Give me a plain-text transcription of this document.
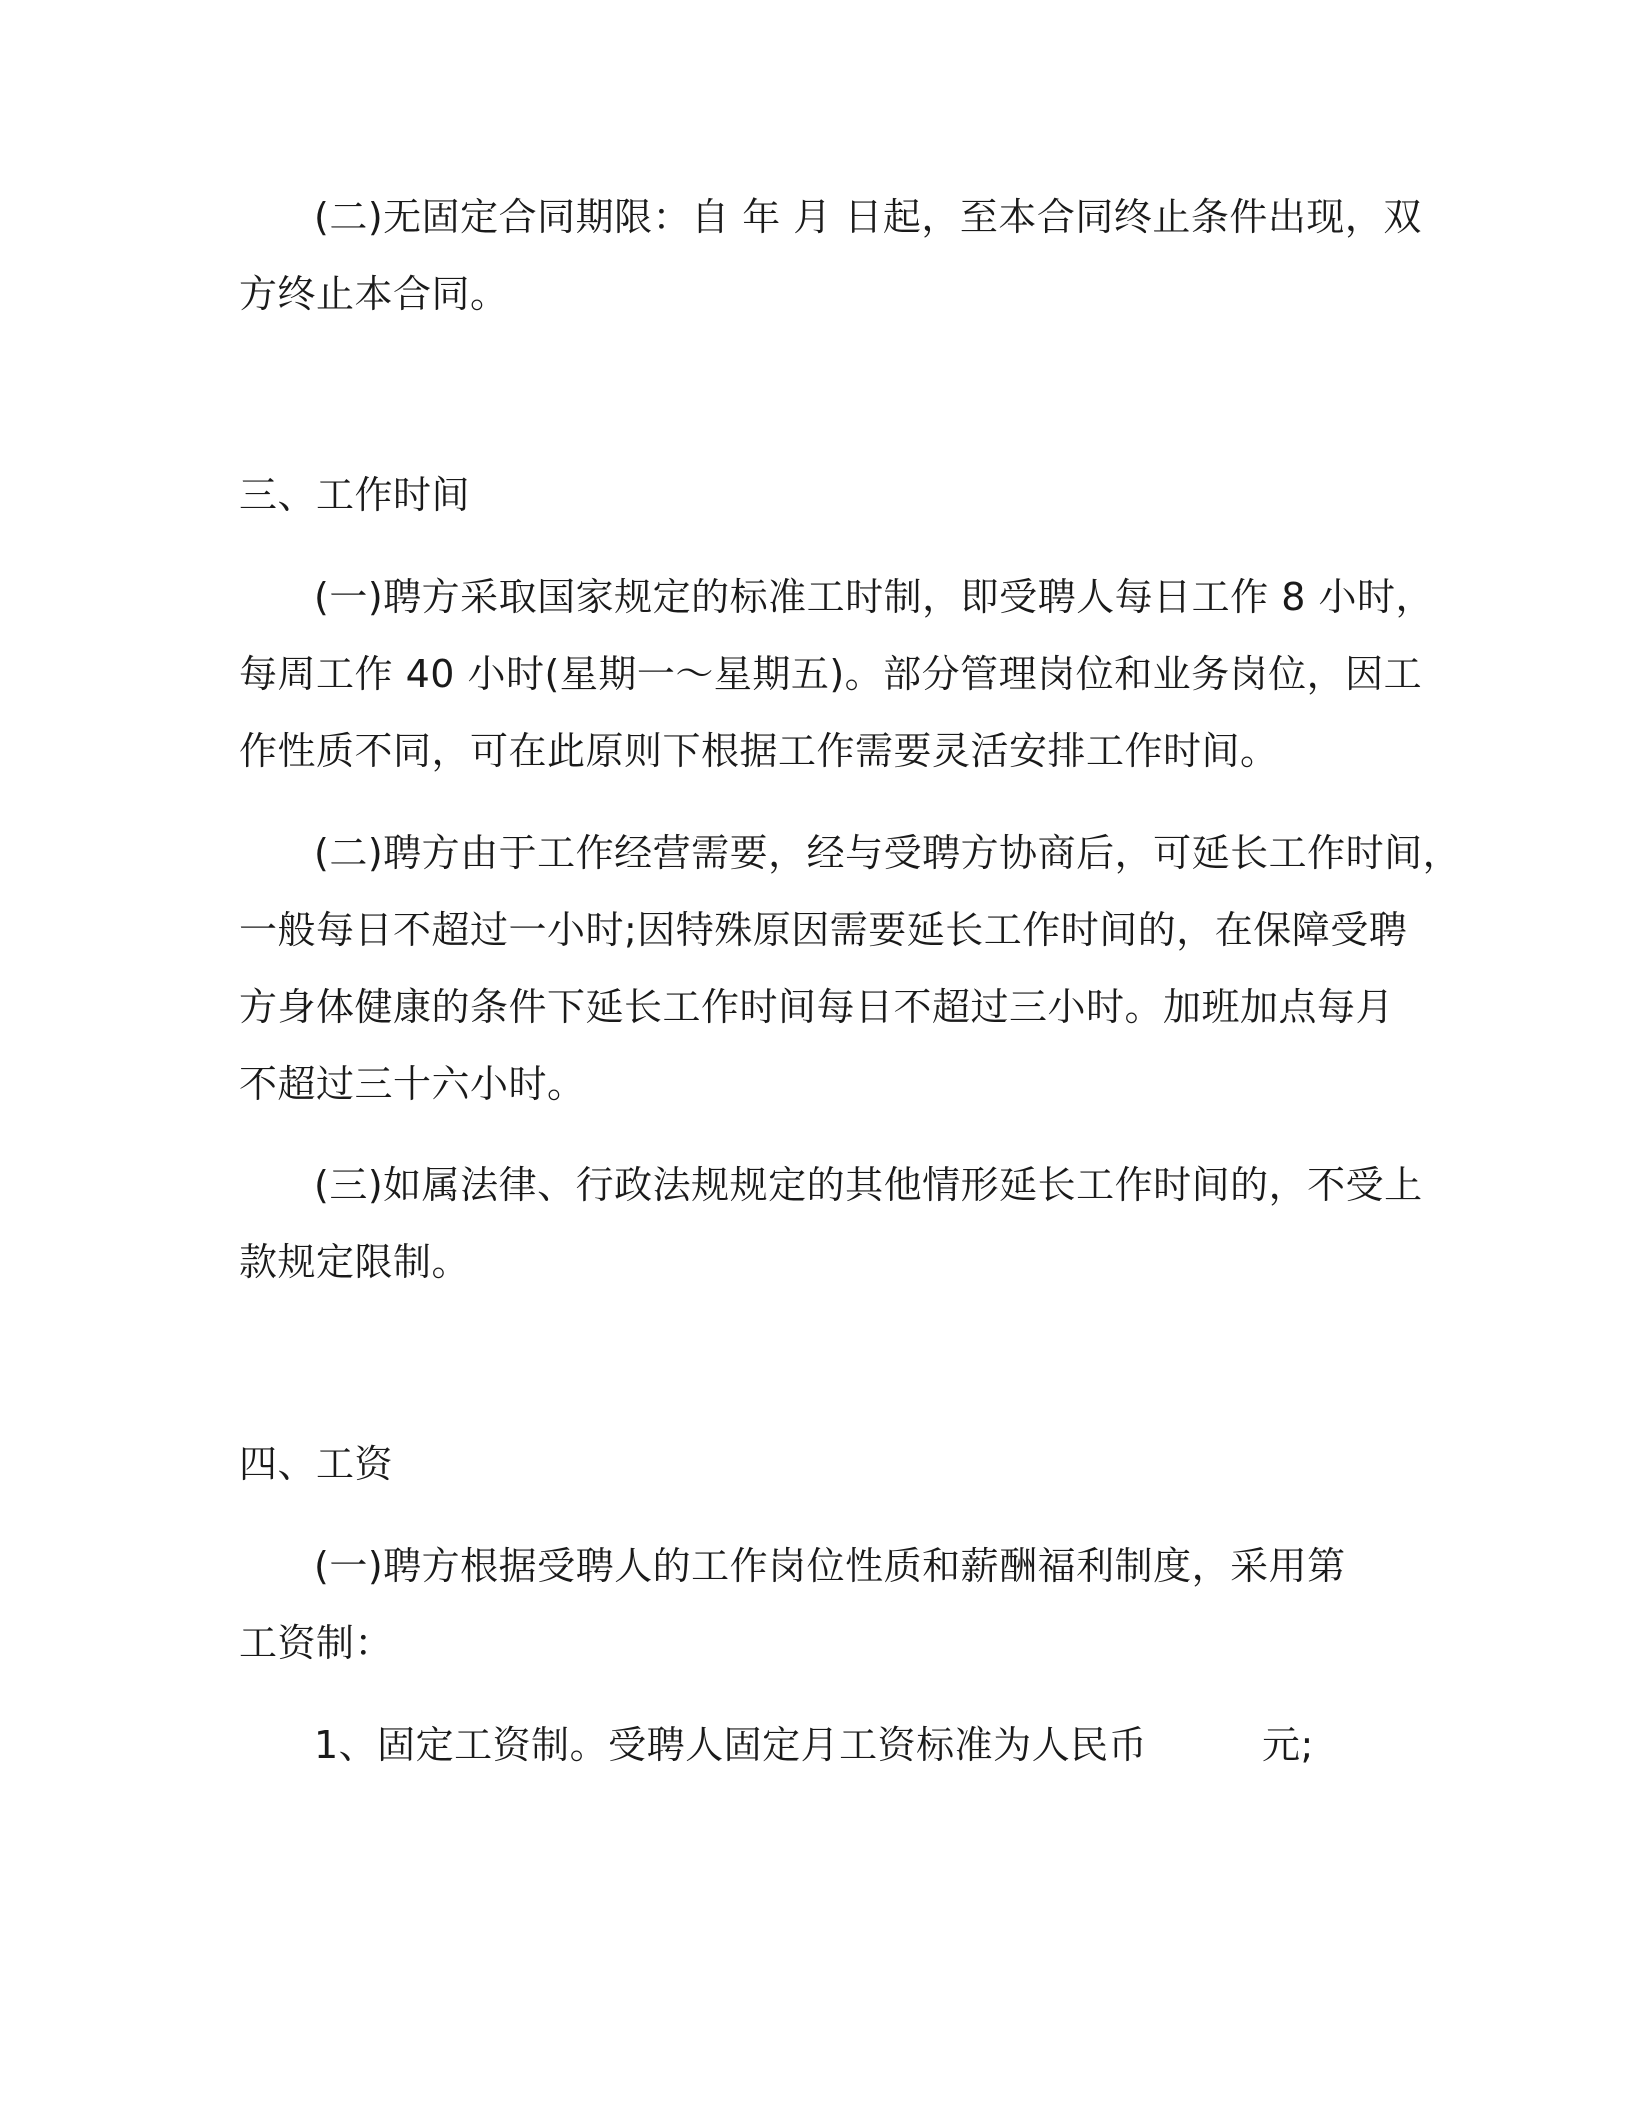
(二)无固定合同期限：自 年 月 日起，至本合同终止条件出现，双
方终止本合同。
三、工作时间
(一)聘方采取国家规定的标准工时制，即受聘人每日工作 8 小时，
每周工作 40 小时(星期一～星期五)。部分管理岗位和业务岗位，因工
作性质不同，可在此原则下根据工作需要灵活安排工作时间。
(二)聘方由于工作经营需要，经与受聘方协商后，可延长工作时间，
一般每日不超过一小时;因特殊原因需要延长工作时间的，在保障受聘
方身体健康的条件下延长工作时间每日不超过三小时。加班加点每月
不超过三十六小时。
(三)如属法律、行政法规规定的其他情形延长工作时间的，不受上
款规定限制。
四、工资
(一)聘方根据受聘人的工作岗位性质和薪酬福利制度，采用第
工资制：
1、固定工资制。受聘人固定月工资标准为人民币	元;
